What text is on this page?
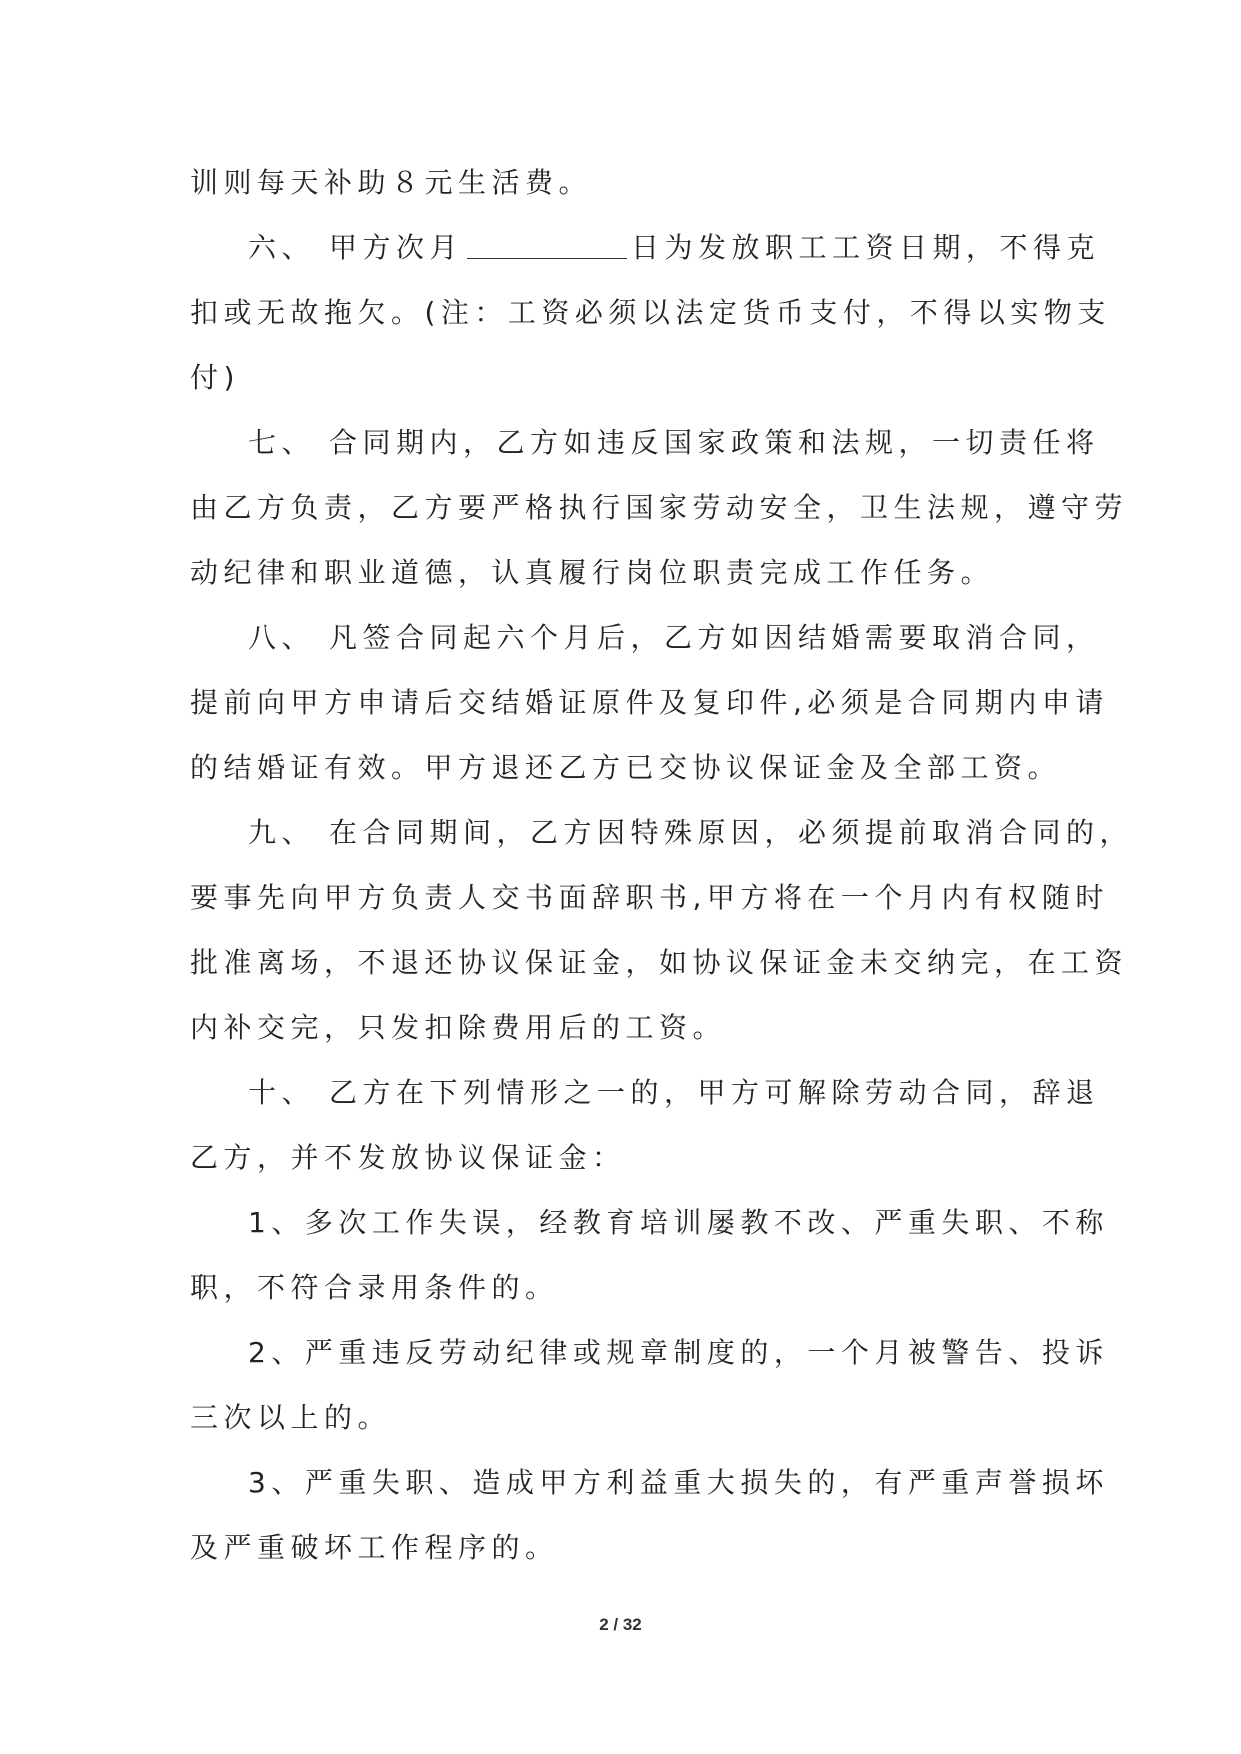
训则每天补助８元生活费。
六、 甲方次月	日为发放职工工资日期，不得克
扣或无故拖欠。(注：工资必须以法定货币支付，不得以实物支
付)
七、 合同期内，乙方如违反国家政策和法规，一切责任将
由乙方负责，乙方要严格执行国家劳动安全，卫生法规，遵守劳
动纪律和职业道德，认真履行岗位职责完成工作任务。
八、 凡签合同起六个月后，乙方如因结婚需要取消合同，
提前向甲方申请后交结婚证原件及复印件,必须是合同期内申请
的结婚证有效。甲方退还乙方已交协议保证金及全部工资。
九、 在合同期间，乙方因特殊原因，必须提前取消合同的，
要事先向甲方负责人交书面辞职书,甲方将在一个月内有权随时
批准离场，不退还协议保证金，如协议保证金未交纳完，在工资
内补交完，只发扣除费用后的工资。
十、 乙方在下列情形之一的，甲方可解除劳动合同，辞退
乙方，并不发放协议保证金：
1、多次工作失误，经教育培训屡教不改、严重失职、不称
职，不符合录用条件的。
2、严重违反劳动纪律或规章制度的，一个月被警告、投诉
三次以上的。
3、严重失职、造成甲方利益重大损失的，有严重声誉损坏
及严重破坏工作程序的。
2 / 32
